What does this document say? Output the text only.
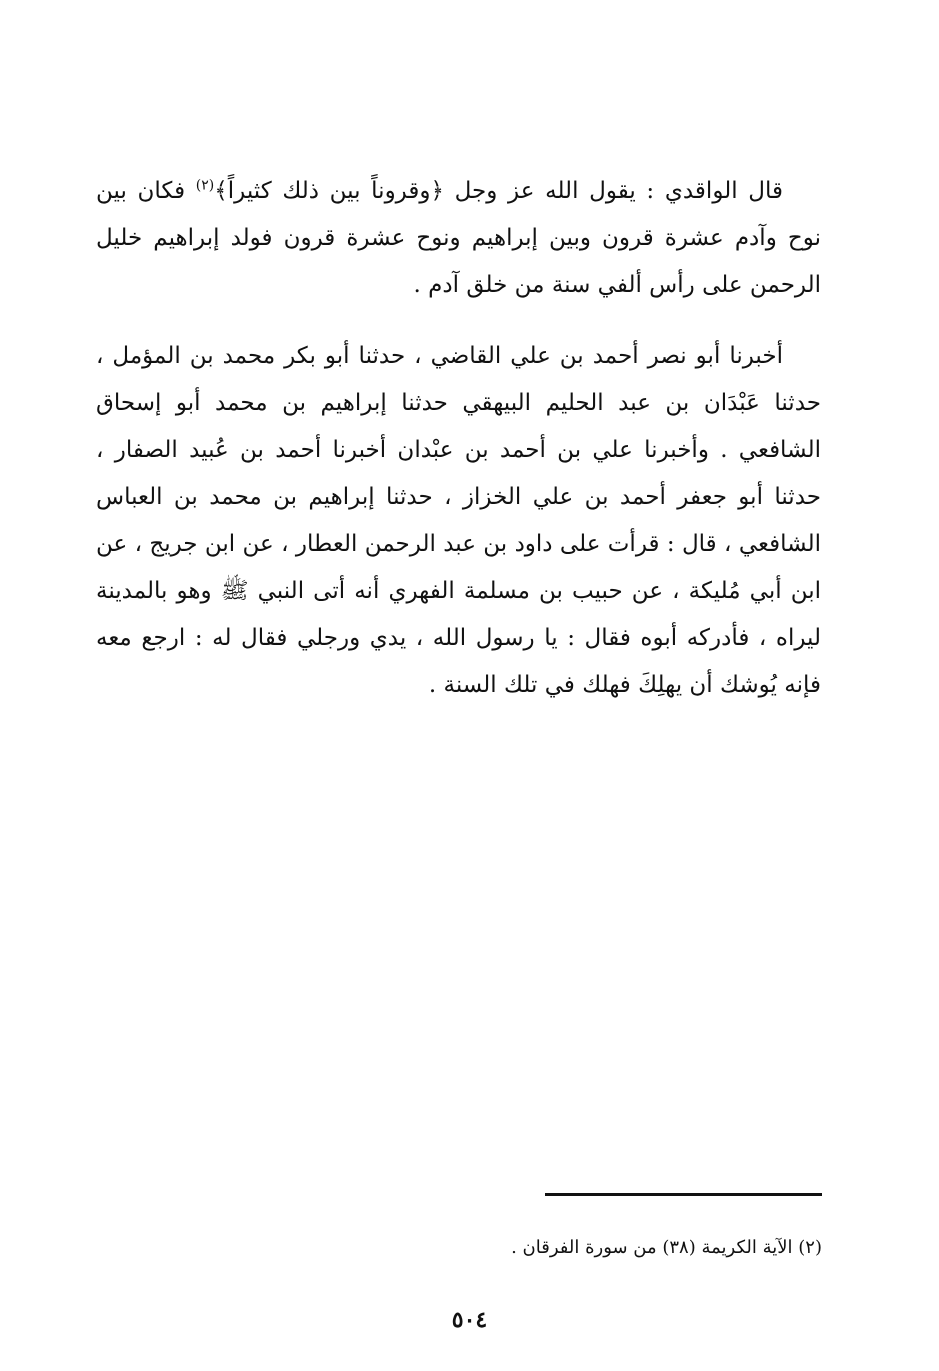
قال الواقدي : يقول الله عز وجل ﴿وقروناً بين ذلك كثيراً﴾$^{(٢)}$ فكان بين نوح وآدم عشرة قرون وبين إبراهيم ونوح عشرة قرون فولد إبراهيم خليل الرحمن على رأس ألفي سنة من خلق آدم .

أخبرنا أبو نصر أحمد بن علي القاضي ، حدثنا أبو بكر محمد بن المؤمل ، حدثنا عَبْدَان بن عبد الحليم البيهقي حدثنا إبراهيم بن محمد أبو إسحاق الشافعي . وأخبرنا علي بن أحمد بن عبْدان أخبرنا أحمد بن عُبيد الصفار ، حدثنا أبو جعفر أحمد بن علي الخزاز ، حدثنا إبراهيم بن محمد بن العباس الشافعي ، قال : قرأت على داود بن عبد الرحمن العطار ، عن ابن جريج ، عن ابن أبي مُليكة ، عن حبيب بن مسلمة الفهري أنه أتى النبي ﷺ وهو بالمدينة ليراه ، فأدركه أبوه فقال : يا رسول الله ، يدي ورجلي فقال له : ارجع معه فإنه يُوشك أن يهلِكَ فهلك في تلك السنة .

(٢) الآية الكريمة (٣٨) من سورة الفرقان .

٥٠٤
